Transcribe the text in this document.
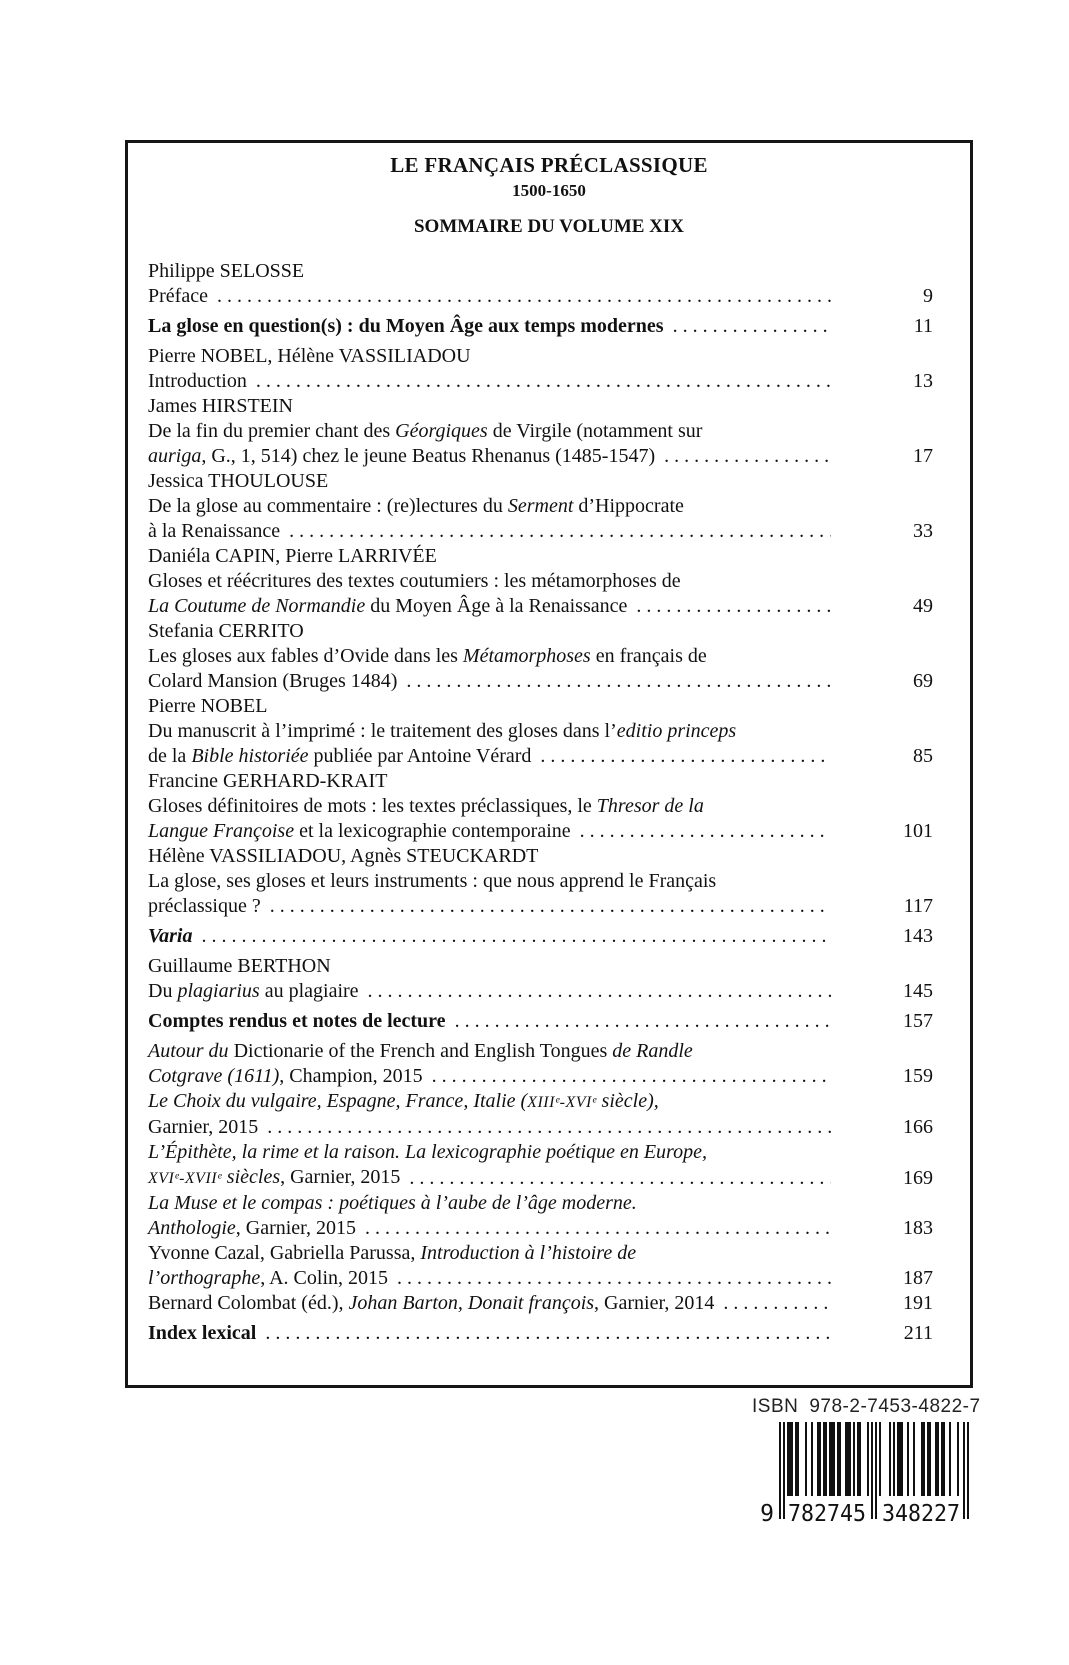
LE FRANÇAIS PRÉCLASSIQUE
1500-1650
SOMMAIRE DU VOLUME XIX
Philippe SELOSSE
Préface .....	9
La glose en question(s) : du Moyen Âge aux temps modernes .....	11
Pierre NOBEL, Hélène VASSILIADOU
Introduction .....	13
James HIRSTEIN
De la fin du premier chant des Géorgiques de Virgile (notamment sur
auriga, G., 1, 514) chez le jeune Beatus Rhenanus (1485-1547) .....	17
Jessica THOULOUSE
De la glose au commentaire : (re)lectures du Serment d’Hippocrate
à la Renaissance .....	33
Daniéla CAPIN, Pierre LARRIVÉE
Gloses et réécritures des textes coutumiers : les métamorphoses de
La Coutume de Normandie du Moyen Âge à la Renaissance .....	49
Stefania CERRITO
Les gloses aux fables d’Ovide dans les Métamorphoses en français de
Colard Mansion (Bruges 1484) .....	69
Pierre NOBEL
Du manuscrit à l’imprimé : le traitement des gloses dans l’editio princeps
de la Bible historiée publiée par Antoine Vérard .....	85
Francine GERHARD-KRAIT
Gloses définitoires de mots : les textes préclassiques, le Thresor de la
Langue Françoise et la lexicographie contemporaine .....	101
Hélène VASSILIADOU, Agnès STEUCKARDT
La glose, ses gloses et leurs instruments : que nous apprend le Français
préclassique ? .....	117
Varia .....	143
Guillaume BERTHON
Du plagiarius au plagiaire .....	145
Comptes rendus et notes de lecture .....	157
Autour du Dictionarie of the French and English Tongues de Randle
Cotgrave (1611), Champion, 2015 .....	159
Le Choix du vulgaire, Espagne, France, Italie (XIIIᵉ-XVIᵉ siècle),
Garnier, 2015 .....	166
L’Épithète, la rime et la raison. La lexicographie poétique en Europe,
XVIᵉ-XVIIᵉ siècles, Garnier, 2015 .....	169
La Muse et le compas : poétiques à l’aube de l’âge moderne.
Anthologie, Garnier, 2015 .....	183
Yvonne Cazal, Gabriella Parussa, Introduction à l’histoire de
l’orthographe, A. Colin, 2015 .....	187
Bernard Colombat (éd.), Johan Barton, Donait françois, Garnier, 2014 .....	191
Index lexical .....	211
ISBN 978-2-7453-4822-7
9 782745 348227
